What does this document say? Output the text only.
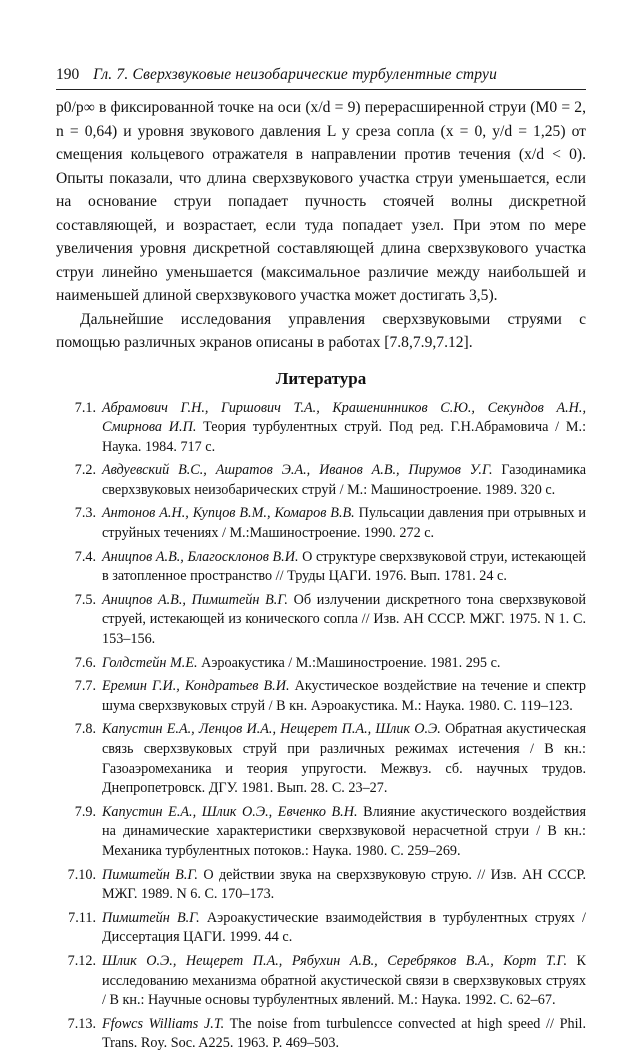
190 Гл. 7. Сверхзвуковые неизобарические турбулентные струи

p0/p∞ в фиксированной точке на оси (x/d = 9) перерасширенной струи (M0 = 2, n = 0,64) и уровня звукового давления L у среза сопла (x = 0, y/d = 1,25) от смещения кольцевого отражателя в направлении против течения (x/d < 0). Опыты показали, что длина сверхзвукового участка струи уменьшается, если на основание струи попадает пучность стоячей волны дискретной составляющей, и возрастает, если туда попадает узел. При этом по мере увеличения уровня дискретной составляющей длина сверхзвукового участка струи линейно уменьшается (максимальное различие между наибольшей и наименьшей длиной сверхзвукового участка может достигать 3,5).

Дальнейшие исследования управления сверхзвуковыми струями с помощью различных экранов описаны в работах [7.8,7.9,7.12].

Литература
7.1. Абрамович Г.Н., Гиршович Т.А., Крашенинников С.Ю., Секундов А.Н., Смирнова И.П. Теория турбулентных струй. Под ред. Г.Н.Абрамовича / М.: Наука. 1984. 717 с.
7.2. Авдуевский В.С., Ашратов Э.А., Иванов А.В., Пирумов У.Г. Газодинамика сверхзвуковых неизобарических струй / М.: Машиностроение. 1989. 320 с.
7.3. Антонов А.Н., Купцов В.М., Комаров В.В. Пульсации давления при отрывных и струйных течениях / М.:Машиностроение. 1990. 272 с.
7.4. Аницпов А.В., Благосклонов В.И. О структуре сверхзвуковой струи, истекающей в затопленное пространство // Труды ЦАГИ. 1976. Вып. 1781. 24 с.
7.5. Аницпов А.В., Пимштейн В.Г. Об излучении дискретного тона сверхзвуковой струей, истекающей из конического сопла // Изв. АН СССР. МЖГ. 1975. N 1. С. 153–156.
7.6. Голдстейн М.Е. Аэроакустика / М.:Машиностроение. 1981. 295 с.
7.7. Еремин Г.И., Кондратьев В.И. Акустическое воздействие на течение и спектр шума сверхзвуковых струй / В кн. Аэроакустика. М.: Наука. 1980. С. 119–123.
7.8. Капустин Е.А., Ленцов И.А., Нещерет П.А., Шлик О.Э. Обратная акустическая связь сверхзвуковых струй при различных режимах истечения / В кн.: Газоаэромеханика и теория упругости. Межвуз. сб. научных трудов. Днепропетровск. ДГУ. 1981. Вып. 28. С. 23–27.
7.9. Капустин Е.А., Шлик О.Э., Евченко В.Н. Влияние акустического воздействия на динамические характеристики сверхзвуковой нерасчетной струи / В кн.: Механика турбулентных потоков.: Наука. 1980. С. 259–269.
7.10. Пимштейн В.Г. О действии звука на сверхзвуковую струю. // Изв. АН СССР. МЖГ. 1989. N 6. С. 170–173.
7.11. Пимштейн В.Г. Аэроакустические взаимодействия в турбулентных струях / Диссертация ЦАГИ. 1999. 44 с.
7.12. Шлик О.Э., Нещерет П.А., Рябухин А.В., Серебряков В.А., Корт Т.Г. К исследованию механизма обратной акустической связи в сверхзвуковых струях / В кн.: Научные основы турбулентных явлений. М.: Наука. 1992. С. 62–67.
7.13. Ffowcs Williams J.T. The noise from turbulencce convected at high speed // Phil. Trans. Roy. Soc. A225. 1963. P. 469–503.
